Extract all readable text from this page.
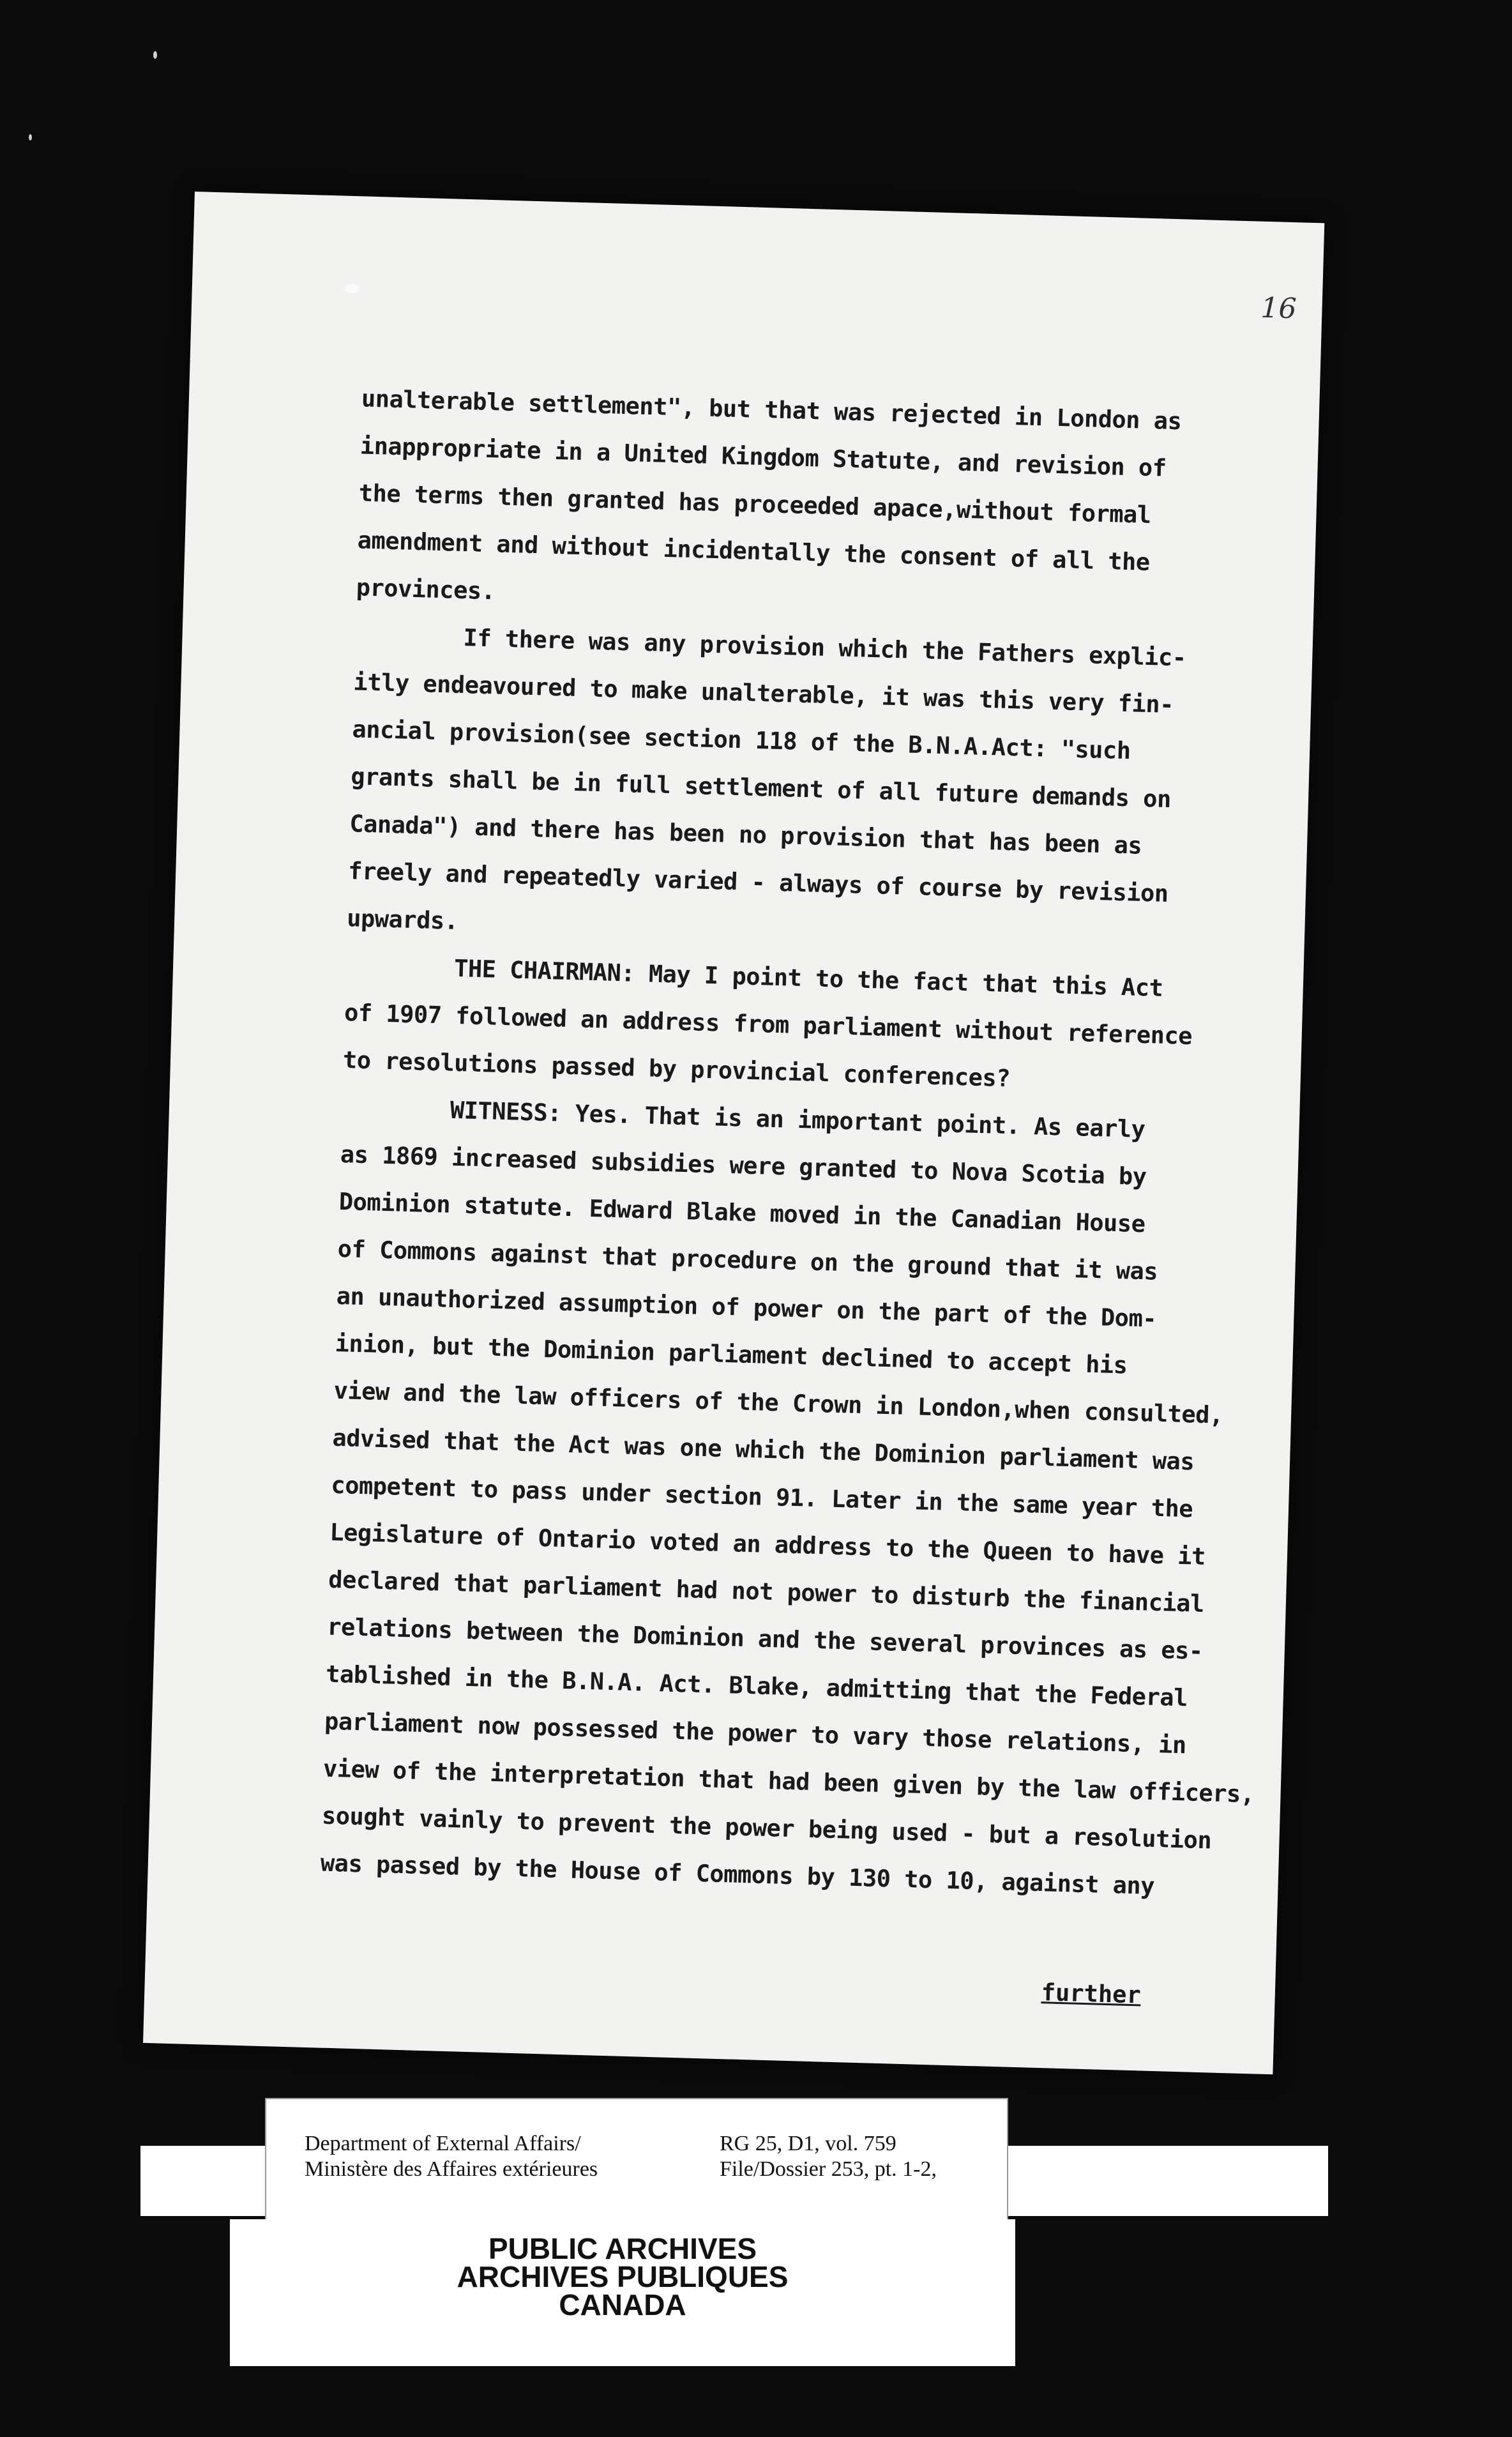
16
unalterable settlement", but that was rejected in London as
inappropriate in a United Kingdom Statute, and revision of
the terms then granted has proceeded apace,without formal
amendment and without incidentally the consent of all the
provinces.
If there was any provision which the Fathers explic-
itly endeavoured to make unalterable, it was this very fin-
ancial provision(see section 118 of the B.N.A.Act: "such
grants shall be in full settlement of all future demands on
Canada") and there has been no provision that has been as
freely and repeatedly varied - always of course by revision
upwards.
THE CHAIRMAN: May I point to the fact that this Act
of 1907 followed an address from parliament without reference
to resolutions passed by provincial conferences?
WITNESS: Yes. That is an important point. As early
as 1869 increased subsidies were granted to Nova Scotia by
Dominion statute. Edward Blake moved in the Canadian House
of Commons against that procedure on the ground that it was
an unauthorized assumption of power on the part of the Dom-
inion, but the Dominion parliament declined to accept his
view and the law officers of the Crown in London,when consulted,
advised that the Act was one which the Dominion parliament was
competent to pass under section 91. Later in the same year the
Legislature of Ontario voted an address to the Queen to have it
declared that parliament had not power to disturb the financial
relations between the Dominion and the several provinces as es-
tablished in the B.N.A. Act. Blake, admitting that the Federal
parliament now possessed the power to vary those relations, in
view of the interpretation that had been given by the law officers,
sought vainly to prevent the power being used - but a resolution
was passed by the House of Commons by 130 to 10, against any
further
Department of External Affairs/
Ministère des Affaires extérieures
RG 25, D1, vol. 759
File/Dossier 253, pt. 1-2,
PUBLIC ARCHIVES
ARCHIVES PUBLIQUES
CANADA
